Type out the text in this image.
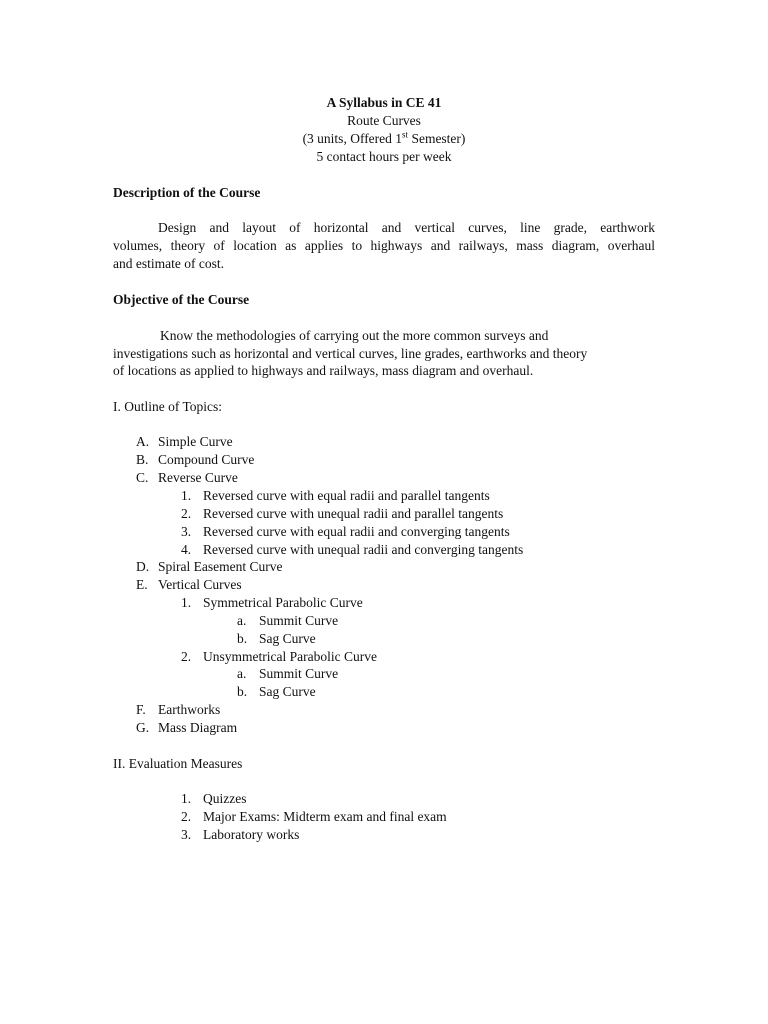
A Syllabus in CE 41
Route Curves
(3 units, Offered 1st Semester)
5 contact hours per week
Description of the Course
Design and layout of horizontal and vertical curves, line grade, earthwork
volumes, theory of location as applies to highways and railways, mass diagram, overhaul
and estimate of cost.
Objective of the Course
Know the methodologies of carrying out the more common surveys and
investigations such as horizontal and vertical curves, line grades, earthworks and theory
of locations as applied to highways and railways, mass diagram and overhaul.
I. Outline of Topics:
A. Simple Curve
B. Compound Curve
C. Reverse Curve
1. Reversed curve with equal radii and parallel tangents
2. Reversed curve with unequal radii and parallel tangents
3. Reversed curve with equal radii and converging tangents
4. Reversed curve with unequal radii and converging tangents
D. Spiral Easement Curve
E. Vertical Curves
1. Symmetrical Parabolic Curve
a. Summit Curve
b. Sag Curve
2. Unsymmetrical Parabolic Curve
a. Summit Curve
b. Sag Curve
F. Earthworks
G. Mass Diagram
II. Evaluation Measures
1. Quizzes
2. Major Exams: Midterm exam and final exam
3. Laboratory works
